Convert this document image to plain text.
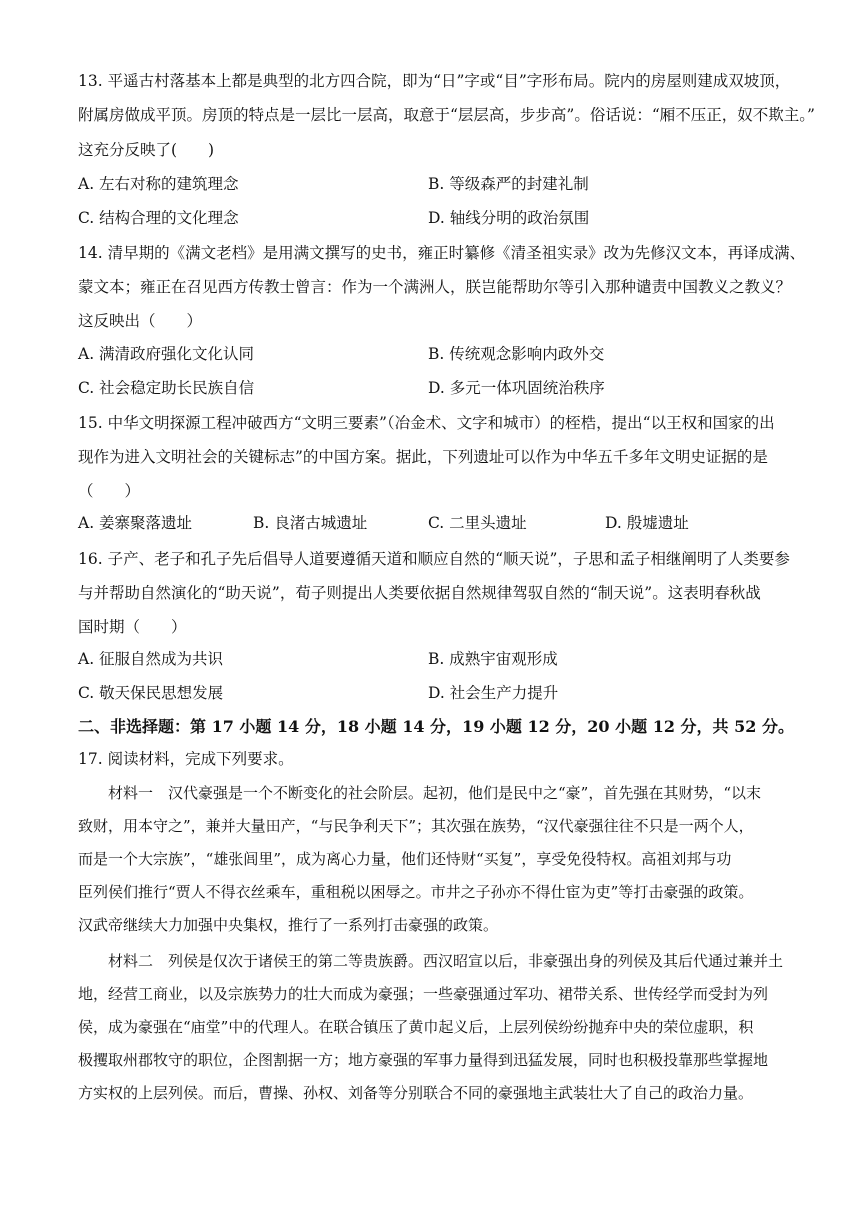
13. 平遥古村落基本上都是典型的北方四合院，即为“日”字或“目”字形布局。院内的房屋则建成双坡顶，
附属房做成平顶。房顶的特点是一层比一层高，取意于“层层高，步步高”。俗话说：“厢不压正，奴不欺主。”
这充分反映了(　　)
A. 左右对称的建筑理念	B. 等级森严的封建礼制
C. 结构合理的文化理念	D. 轴线分明的政治氛围
14. 清早期的《满文老档》是用满文撰写的史书，雍正时纂修《清圣祖实录》改为先修汉文本，再译成满、
蒙文本；雍正在召见西方传教士曾言：作为一个满洲人，朕岂能帮助尔等引入那种谴责中国教义之教义？
这反映出（　　）
A. 满清政府强化文化认同	B. 传统观念影响内政外交
C. 社会稳定助长民族自信	D. 多元一体巩固统治秩序
15. 中华文明探源工程冲破西方“文明三要素”（冶金术、文字和城市）的桎梏，提出“以王权和国家的出
现作为进入文明社会的关键标志”的中国方案。据此，下列遗址可以作为中华五千多年文明史证据的是
（　　）
A. 姜寨聚落遗址	B. 良渚古城遗址	C. 二里头遗址	D. 殷墟遗址
16. 子产、老子和孔子先后倡导人道要遵循天道和顺应自然的“顺天说”，子思和孟子相继阐明了人类要参
与并帮助自然演化的“助天说”，荀子则提出人类要依据自然规律驾驭自然的“制天说”。这表明春秋战
国时期（　　）
A. 征服自然成为共识	B. 成熟宇宙观形成
C. 敬天保民思想发展	D. 社会生产力提升
二、非选择题：第 17 小题 14 分，18 小题 14 分，19 小题 12 分，20 小题 12 分，共 52 分。
17. 阅读材料，完成下列要求。
　　材料一　汉代豪强是一个不断变化的社会阶层。起初，他们是民中之“豪”，首先强在其财势，“以末
致财，用本守之”，兼并大量田产，“与民争利天下”；其次强在族势，“汉代豪强往往不只是一两个人，
而是一个大宗族”，“雄张闾里”，成为离心力量，他们还恃财“买复”，享受免役特权。高祖刘邦与功
臣列侯们推行“贾人不得衣丝乘车，重租税以困辱之。市井之子孙亦不得仕宦为吏”等打击豪强的政策。
汉武帝继续大力加强中央集权，推行了一系列打击豪强的政策。
　　材料二　列侯是仅次于诸侯王的第二等贵族爵。西汉昭宣以后，非豪强出身的列侯及其后代通过兼并土
地，经营工商业，以及宗族势力的壮大而成为豪强；一些豪强通过军功、裙带关系、世传经学而受封为列
侯，成为豪强在“庙堂”中的代理人。在联合镇压了黄巾起义后，上层列侯纷纷抛弃中央的荣位虚职，积
极攫取州郡牧守的职位，企图割据一方；地方豪强的军事力量得到迅猛发展，同时也积极投靠那些掌握地
方实权的上层列侯。而后，曹操、孙权、刘备等分别联合不同的豪强地主武装壮大了自己的政治力量。
